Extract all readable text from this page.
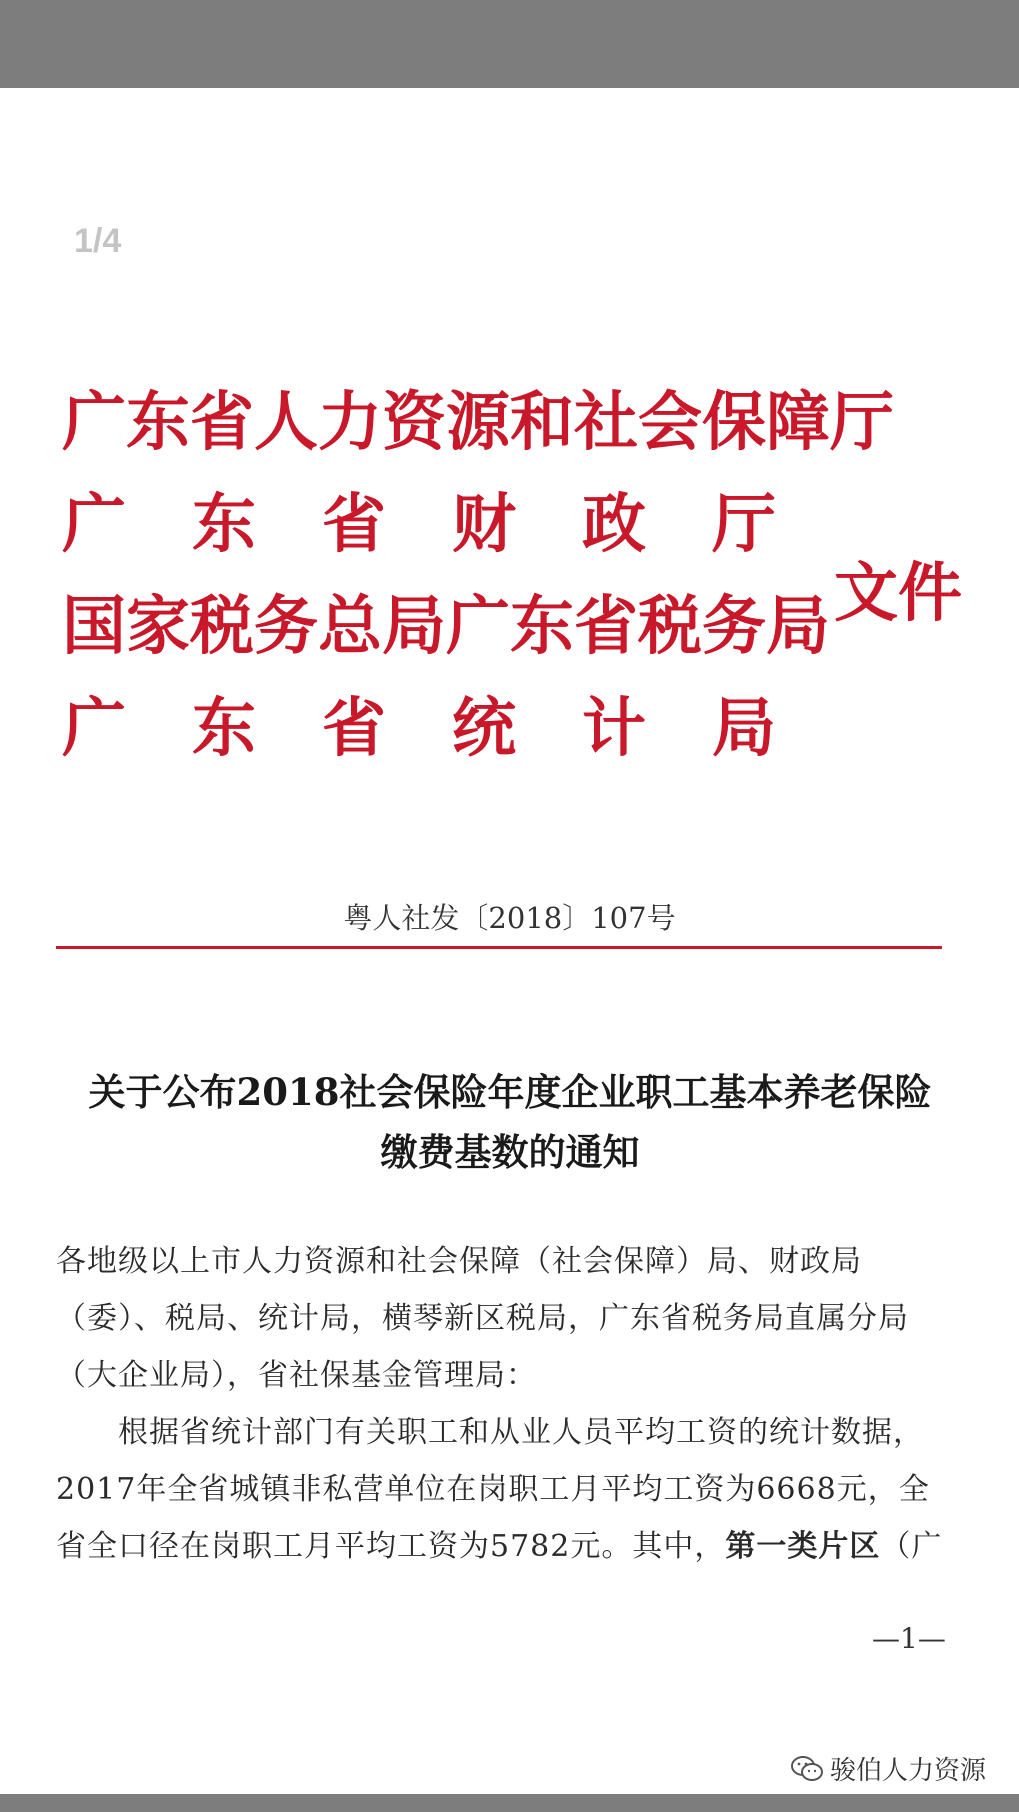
1/4
广东省人力资源和社会保障厅
广东省财政厅
国家税务总局广东省税务局
广东省统计局
文件
粤人社发〔2018〕107号
关于公布2018社会保险年度企业职工基本养老保险
缴费基数的通知

各地级以上市人力资源和社会保障（社会保障）局、财政局（委）、税局、统计局，横琴新区税局，广东省税务局直属分局（大企业局），省社保基金管理局：

根据省统计部门有关职工和从业人员平均工资的统计数据，2017年全省城镇非私营单位在岗职工月平均工资为6668元，全省全口径在岗职工月平均工资为5782元。其中，第一类片区（广

—1—
骏伯人力资源
